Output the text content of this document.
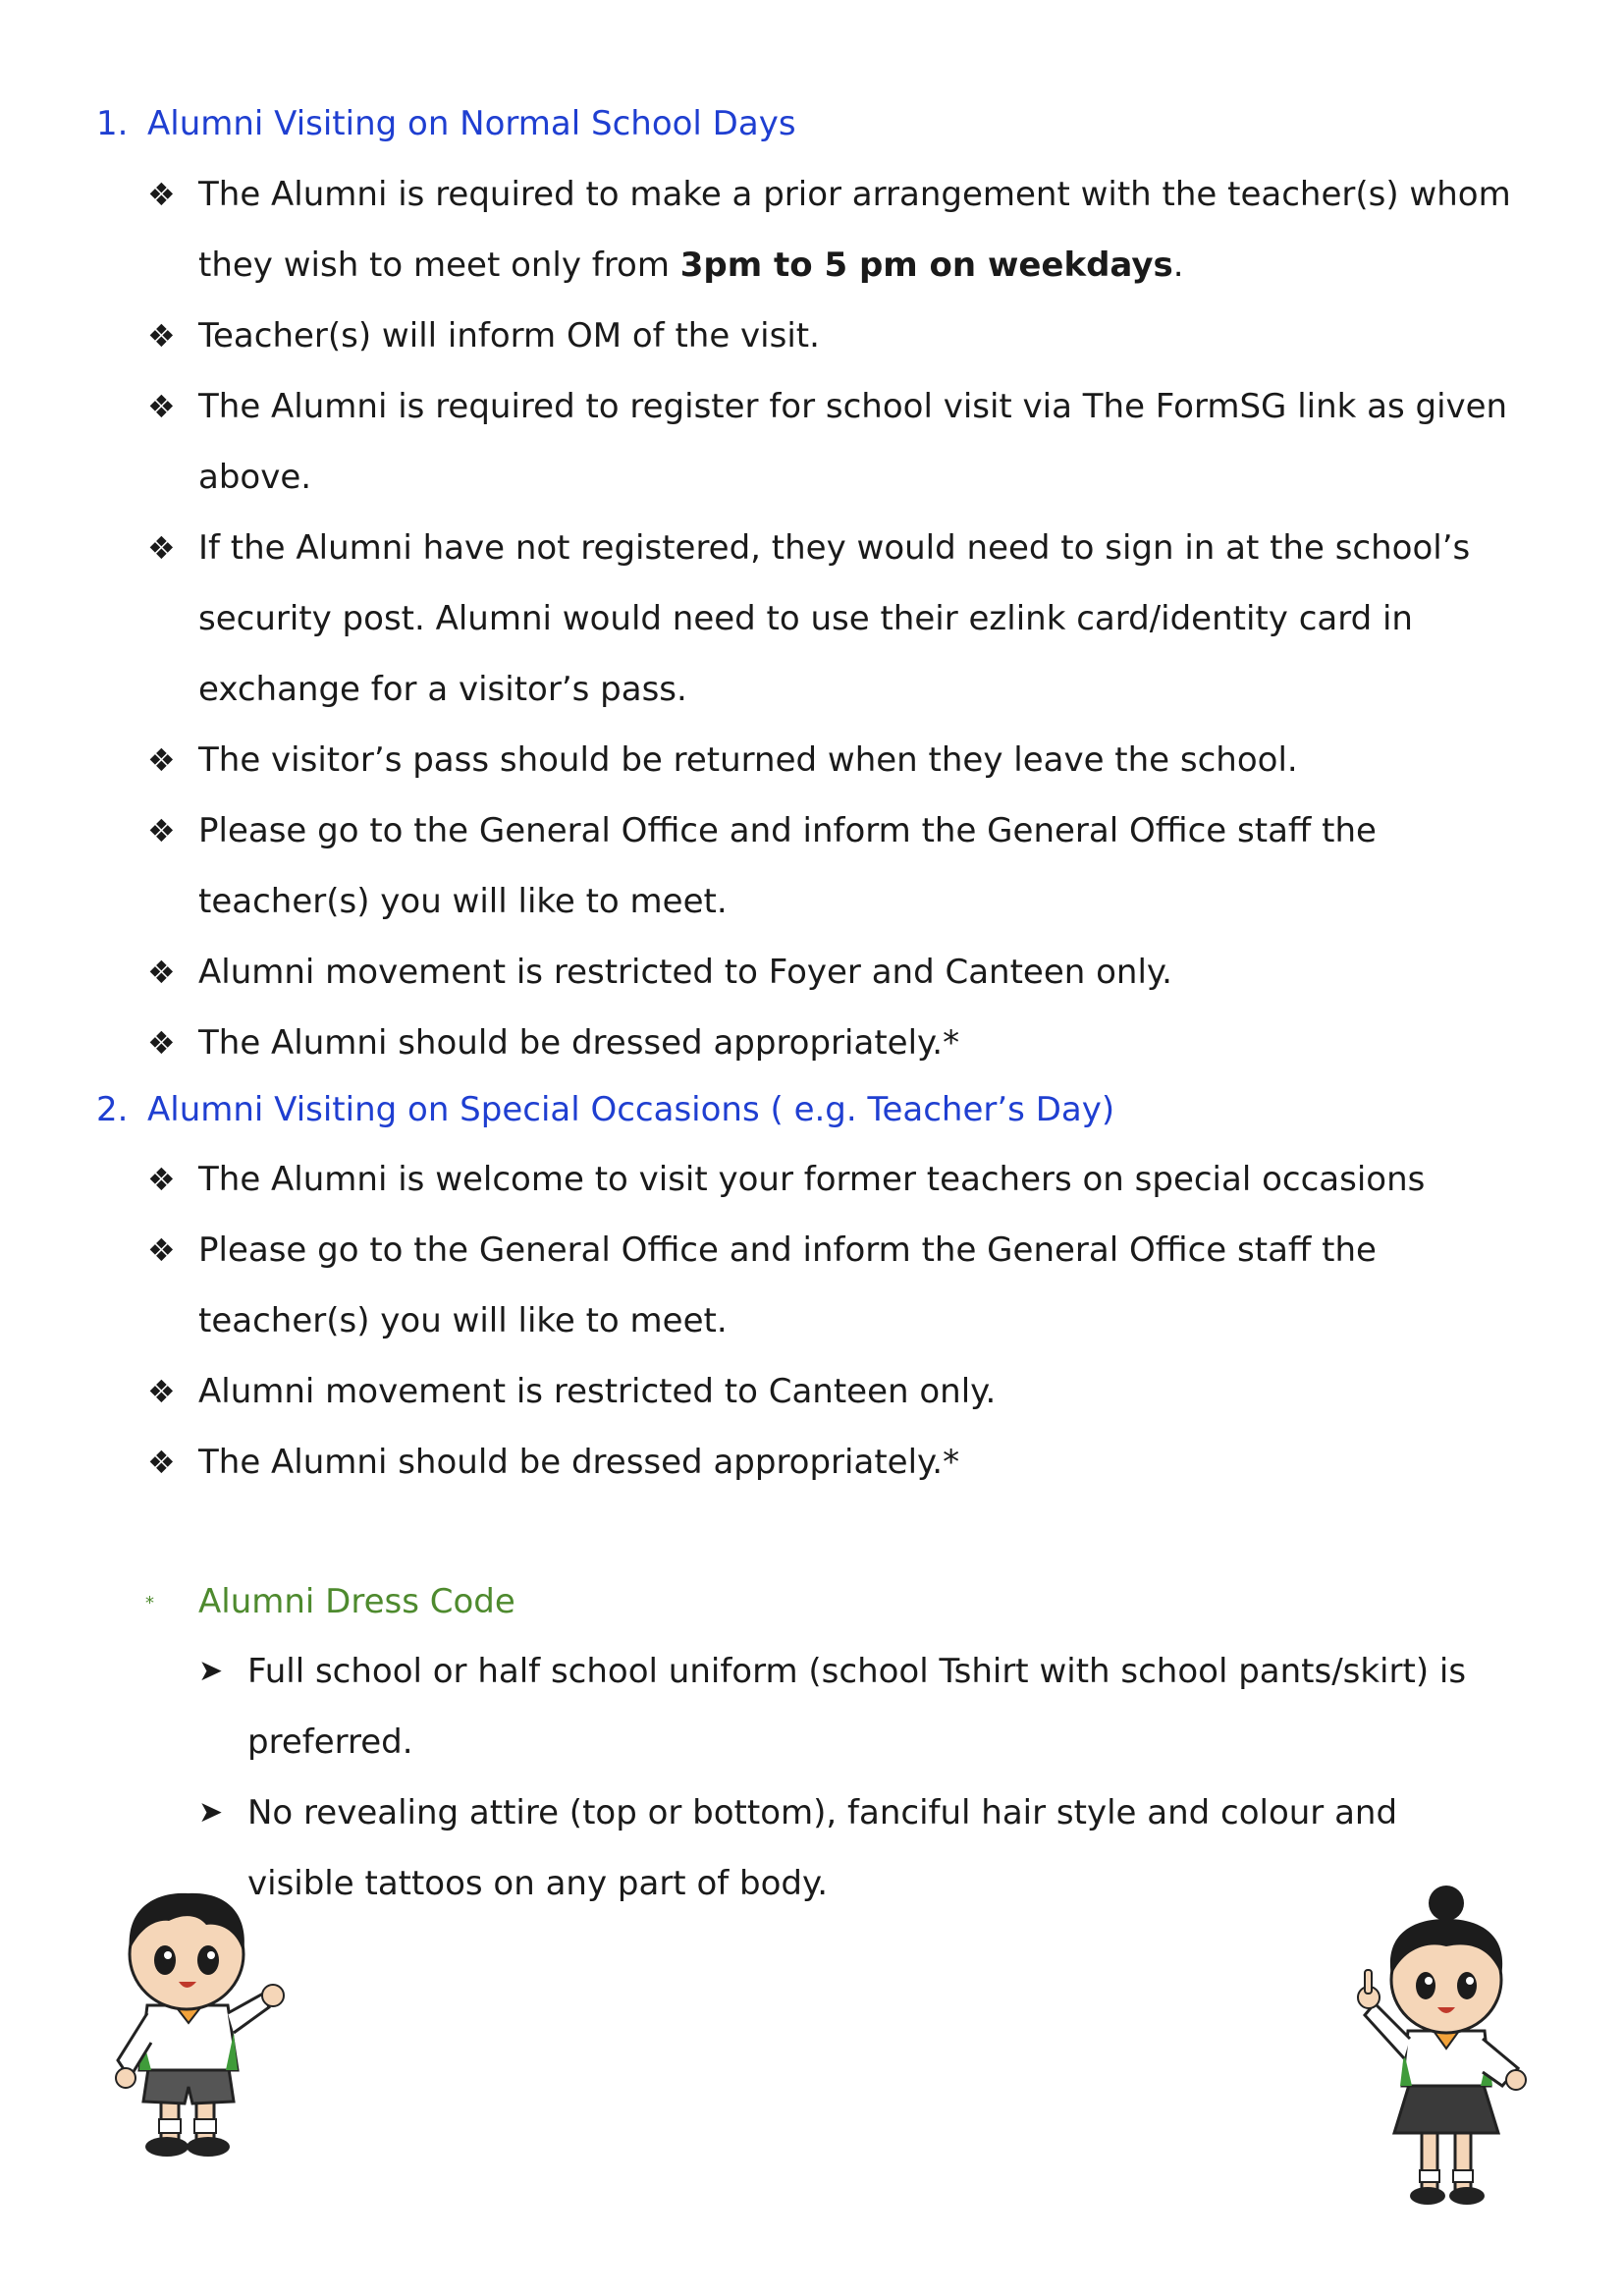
1. Alumni Visiting on Normal School Days
❖ The Alumni is required to make a prior arrangement with the teacher(s) whom they wish to meet only from 3pm to 5 pm on weekdays.
❖ Teacher(s) will inform OM of the visit.
❖ The Alumni is required to register for school visit via The FormSG link as given above.
❖ If the Alumni have not registered, they would need to sign in at the school’s security post. Alumni would need to use their ezlink card/identity card in exchange for a visitor’s pass.
❖ The visitor’s pass should be returned when they leave the school.
❖ Please go to the General Office and inform the General Office staff the teacher(s) you will like to meet.
❖ Alumni movement is restricted to Foyer and Canteen only.
❖ The Alumni should be dressed appropriately.*
2. Alumni Visiting on Special Occasions ( e.g. Teacher’s Day)
❖ The Alumni is welcome to visit your former teachers on special occasions
❖ Please go to the General Office and inform the General Office staff the teacher(s) you will like to meet.
❖ Alumni movement is restricted to Canteen only.
❖ The Alumni should be dressed appropriately.*
* Alumni Dress Code
➤ Full school or half school uniform (school Tshirt with school pants/skirt) is preferred.
➤ No revealing attire (top or bottom), fanciful hair style and colour and visible tattoos on any part of body.
